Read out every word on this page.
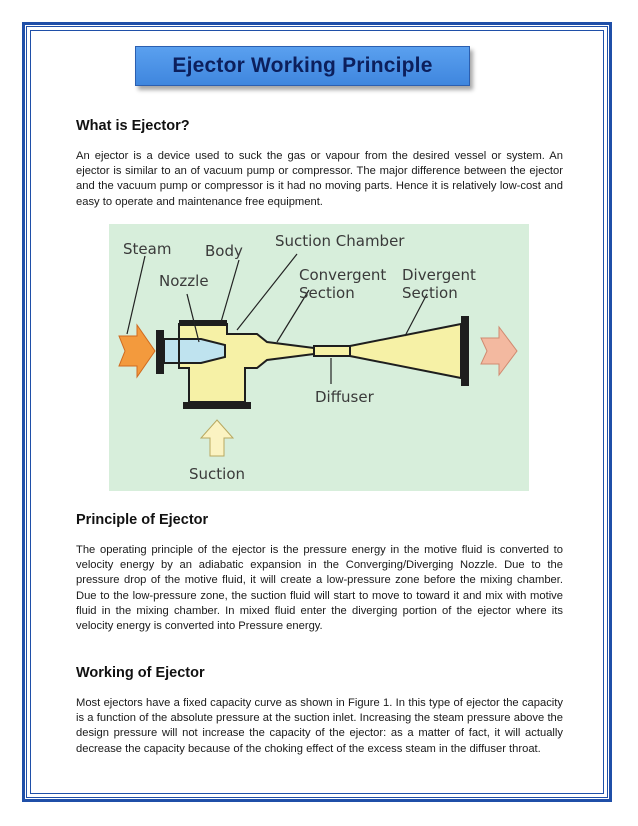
Ejector Working Principle
What is Ejector?

An ejector is a device used to suck the gas or vapour from the desired vessel or system. An ejector is similar to an of vacuum pump or compressor. The major difference between the ejector and the vacuum pump or compressor is it had no moving parts. Hence it is relatively low-cost and easy to operate and maintenance free equipment.

Steam Body
Nozzle
Suction Chamber
Convergent
Section
Divergent
Section
Diffuser
Suction
Principle of Ejector

The operating principle of the ejector is the pressure energy in the motive fluid is converted to velocity energy by an adiabatic expansion in the Converging/Diverging Nozzle. Due to the pressure drop of the motive fluid, it will create a low-pressure zone before the mixing chamber. Due to the low-pressure zone, the suction fluid will start to move to toward it and mix with motive fluid in the mixing chamber. In mixed fluid enter the diverging portion of the ejector where its velocity energy is converted into Pressure energy.

Working of Ejector

Most ejectors have a fixed capacity curve as shown in Figure 1. In this type of ejector the capacity is a function of the absolute pressure at the suction inlet. Increasing the steam pressure above the design pressure will not increase the capacity of the ejector: as a matter of fact, it will actually decrease the capacity because of the choking effect of the excess steam in the diffuser throat.
